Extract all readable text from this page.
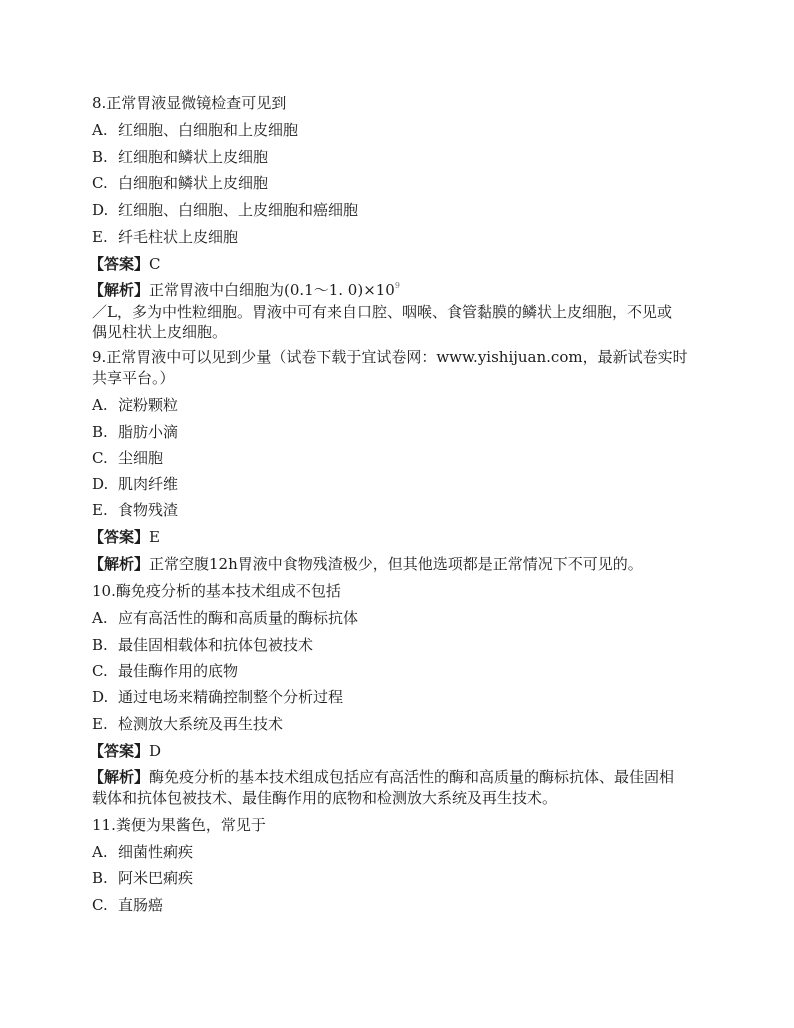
8.正常胃液显微镜检查可见到
A. 红细胞、白细胞和上皮细胞
B. 红细胞和鳞状上皮细胞
C. 白细胞和鳞状上皮细胞
D. 红细胞、白细胞、上皮细胞和癌细胞
E. 纤毛柱状上皮细胞
【答案】C
【解析】正常胃液中白细胞为(0.1～1. $0)\times 10^9$
／L，多为中性粒细胞。胃液中可有来自口腔、咽喉、食管黏膜的鳞状上皮细胞，不见或
偶见柱状上皮细胞。
9.正常胃液中可以见到少量（试卷下载于宜试卷网：www.yishijuan.com，最新试卷实时
共享平台。）
A. 淀粉颗粒
B. 脂肪小滴
C. 尘细胞
D. 肌肉纤维
E. 食物残渣
【答案】E
【解析】正常空腹12h胃液中食物残渣极少，但其他选项都是正常情况下不可见的。
10.酶免疫分析的基本技术组成不包括
A. 应有高活性的酶和高质量的酶标抗体
B. 最佳固相载体和抗体包被技术
C. 最佳酶作用的底物
D. 通过电场来精确控制整个分析过程
E. 检测放大系统及再生技术
【答案】D
【解析】酶免疫分析的基本技术组成包括应有高活性的酶和高质量的酶标抗体、最佳固相
载体和抗体包被技术、最佳酶作用的底物和检测放大系统及再生技术。
11.粪便为果酱色，常见于
A. 细菌性痢疾
B. 阿米巴痢疾
C. 直肠癌
